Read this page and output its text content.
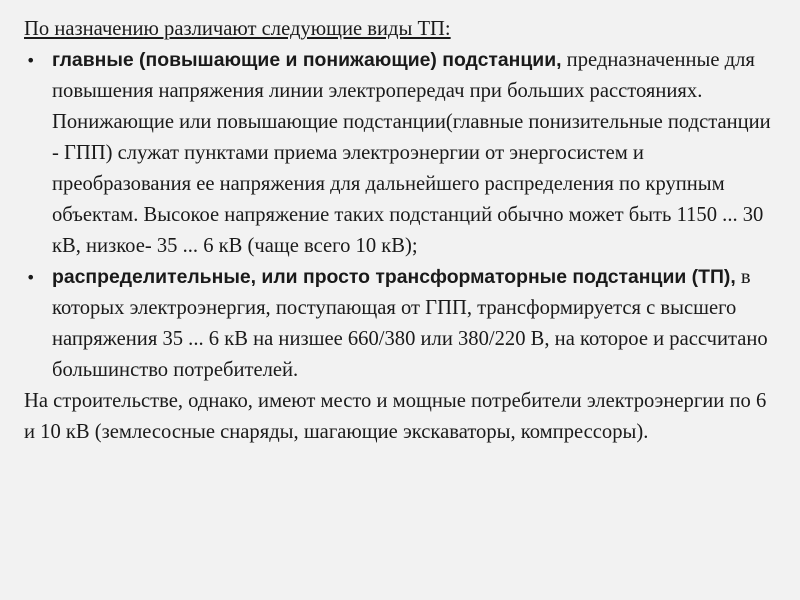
По назначению различают следующие виды ТП:
• главные (повышающие и понижающие) подстанции, предназначенные для повышения напряжения линии электропередач при больших расстояниях. Понижающие или повышающие подстанции(главные понизительные подстанции - ГПП) служат пунктами приема электроэнергии от энергосистем и преобразования ее напряжения для дальнейшего распределения по крупным объектам. Высокое напряжение таких подстанций обычно может быть 1150 ... 30 кВ, низкое- 35 ... 6 кВ (чаще всего 10 кВ);
• распределительные, или просто трансформаторные подстанции (ТП), в которых электроэнергия, поступающая от ГПП, трансформируется с высшего напряжения 35 ... 6 кВ на низшее 660/380 или 380/220 В, на которое и рассчитано большинство потребителей.

На строительстве, однако, имеют место и мощные потребители электроэнергии по 6 и 10 кВ (землесосные снаряды, шагающие экскаваторы, компрессоры).
